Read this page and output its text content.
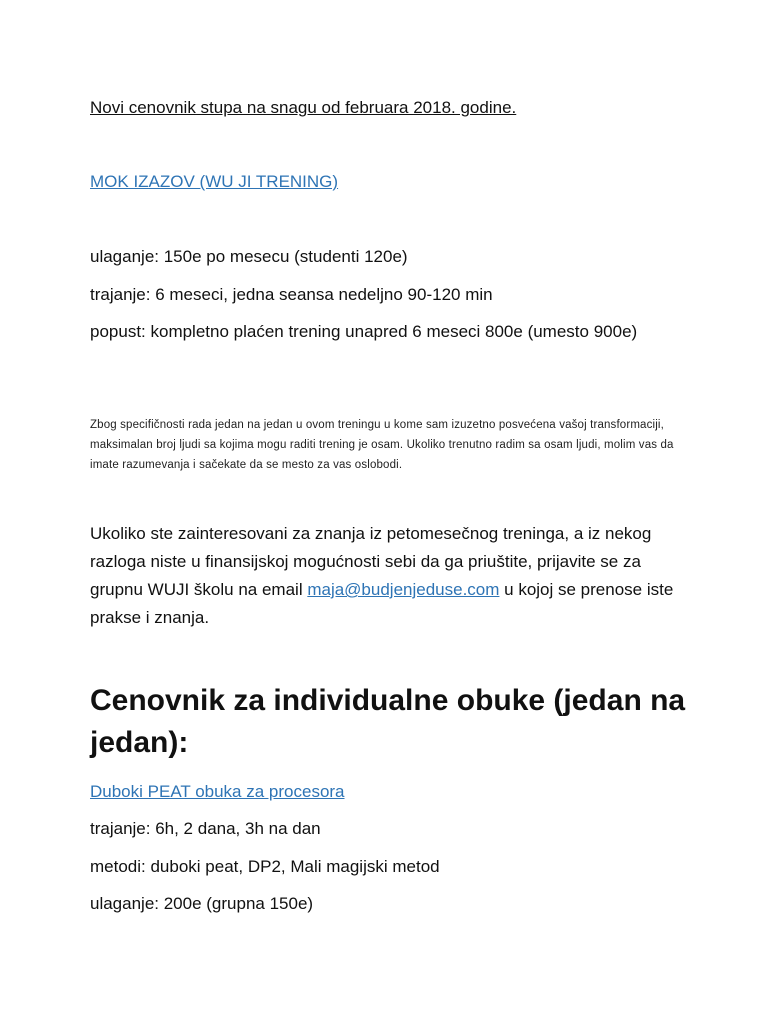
Novi cenovnik stupa na snagu od februara 2018. godine.

MOK IZAZOV (WU JI TRENING)

ulaganje: 150e po mesecu (studenti 120e)

trajanje: 6 meseci, jedna seansa nedeljno 90-120 min

popust: kompletno plaćen trening unapred 6 meseci 800e (umesto 900e)

Zbog specifičnosti rada jedan na jedan u ovom treningu u kome sam izuzetno posvećena vašoj transformaciji, maksimalan broj ljudi sa kojima mogu raditi trening je osam. Ukoliko trenutno radim sa osam ljudi, molim vas da imate razumevanja i sačekate da se mesto za vas oslobodi.

Ukoliko ste zainteresovani za znanja iz petomesečnog treninga, a iz nekog razloga niste u finansijskoj mogućnosti sebi da ga priuštite, prijavite se za grupnu WUJI školu na email maja@budjenjeduse.com u kojoj se prenose iste prakse i znanja.

Cenovnik za individualne obuke (jedan na jedan):

Duboki PEAT obuka za procesora

trajanje: 6h, 2 dana, 3h na dan

metodi: duboki peat, DP2, Mali magijski metod

ulaganje: 200e (grupna 150e)
